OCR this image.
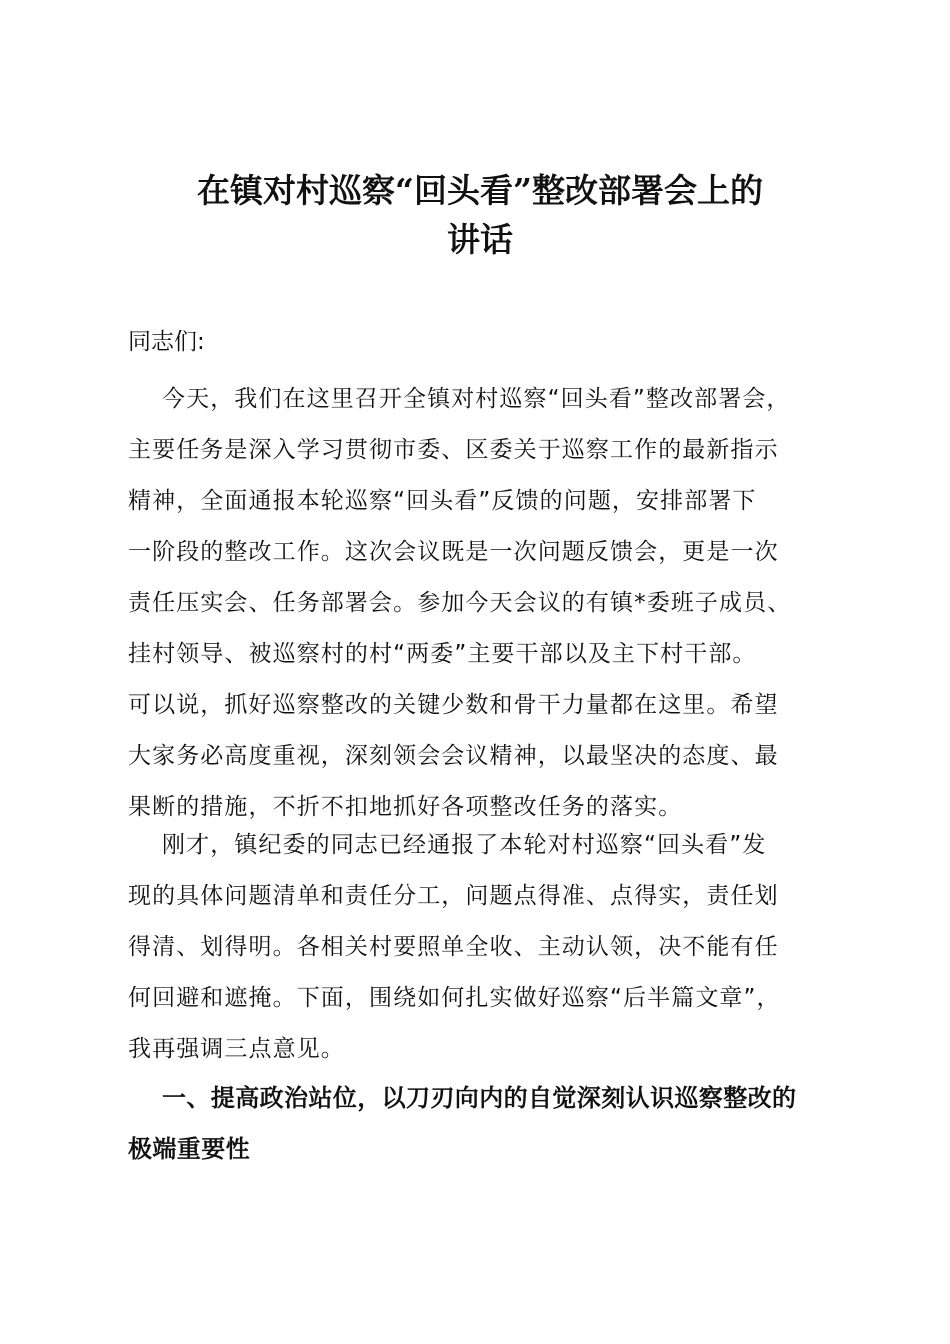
在镇对村巡察“回头看”整改部署会上的
讲话
同志们:
今天，我们在这里召开全镇对村巡察“回头看”整改部署会，
主要任务是深入学习贯彻市委、区委关于巡察工作的最新指示
精神，全面通报本轮巡察“回头看”反馈的问题，安排部署下
一阶段的整改工作。这次会议既是一次问题反馈会，更是一次
责任压实会、任务部署会。参加今天会议的有镇*委班子成员、
挂村领导、被巡察村的村“两委”主要干部以及主下村干部。
可以说，抓好巡察整改的关键少数和骨干力量都在这里。希望
大家务必高度重视，深刻领会会议精神，以最坚决的态度、最
果断的措施，不折不扣地抓好各项整改任务的落实。
刚才，镇纪委的同志已经通报了本轮对村巡察“回头看”发
现的具体问题清单和责任分工，问题点得准、点得实，责任划
得清、划得明。各相关村要照单全收、主动认领，决不能有任
何回避和遮掩。下面，围绕如何扎实做好巡察“后半篇文章”，
我再强调三点意见。
一、提高政治站位，以刀刃向内的自觉深刻认识巡察整改的
极端重要性
